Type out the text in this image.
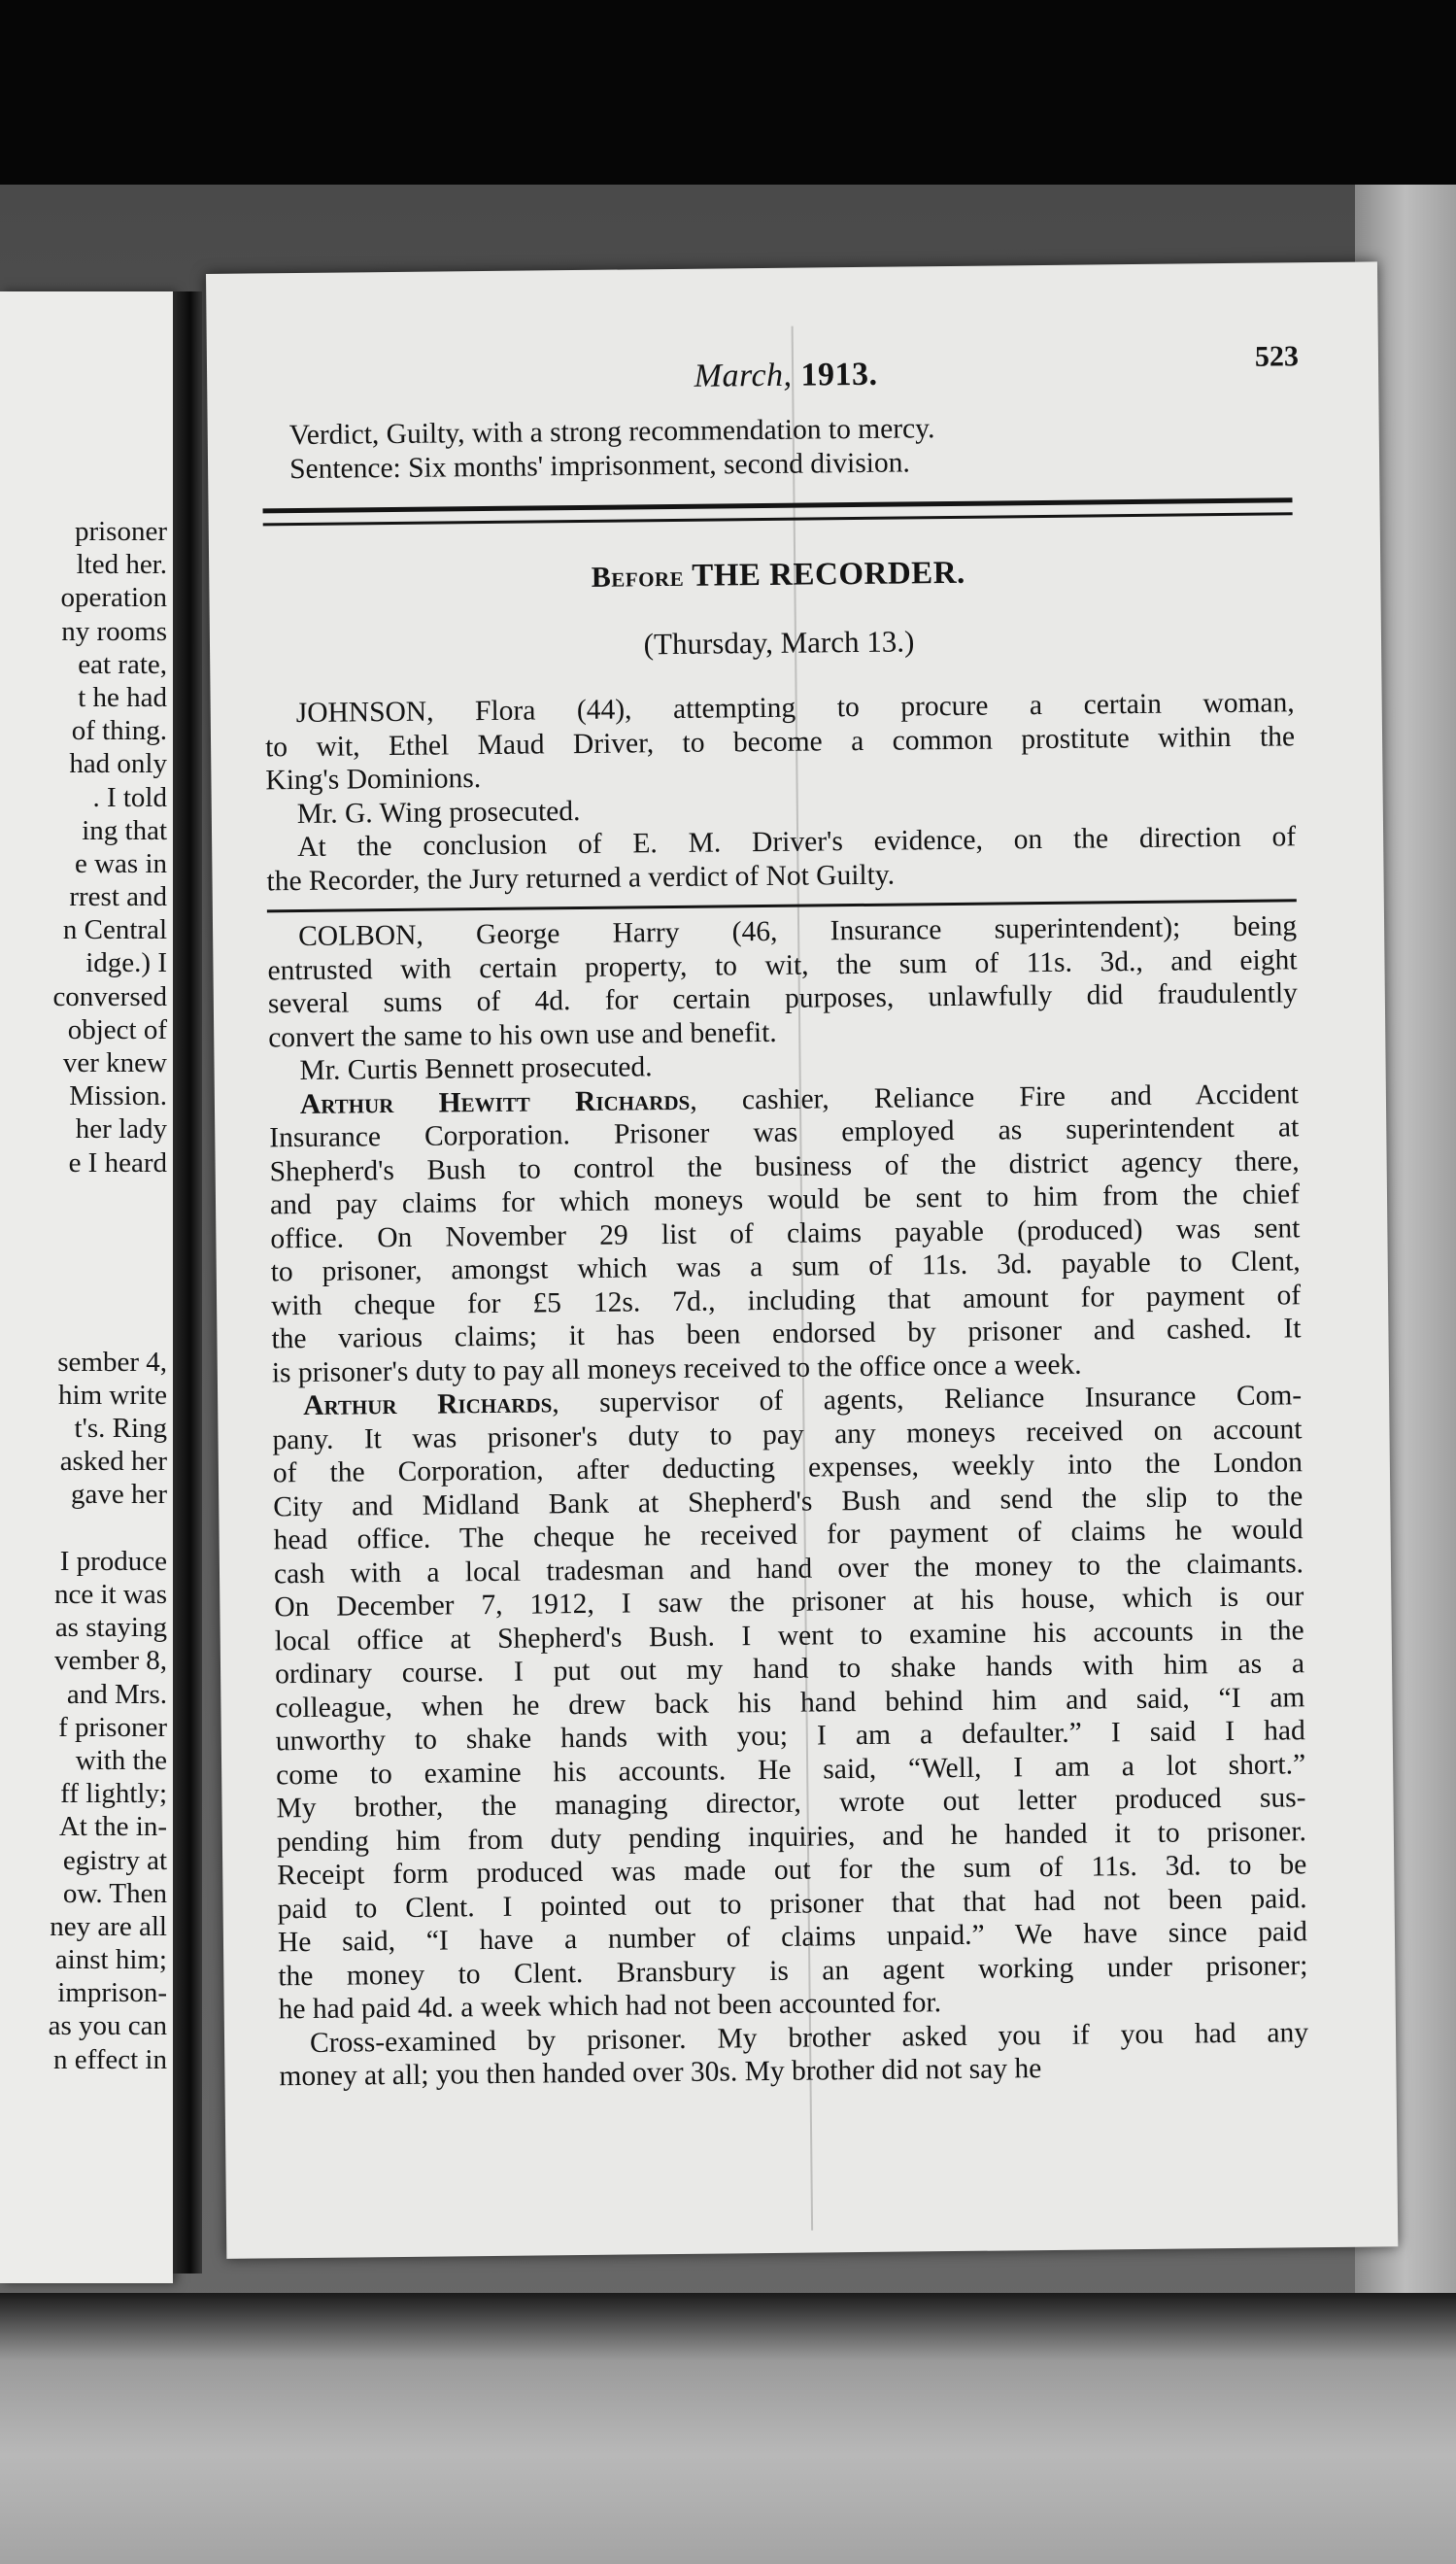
prisoner
lted her.
operation
ny rooms
eat rate,
t he had
of thing.
had only
. I told
ing that
e was in
rrest and
n Central
idge.) I
conversed
object of
ver knew
Mission.
her lady
e I heard
sember 4,
him write
t's. Ring
asked her
gave her
I produce
nce it was
as staying
vember 8,
and Mrs.
f prisoner
with the
ff lightly;
At the in-
egistry at
ow. Then
ney are all
ainst him;
imprison-
as you can
n effect in
March, 1913.	523
Verdict, Guilty, with a strong recommendation to mercy.
Sentence: Six months' imprisonment, second division.
Before THE RECORDER.
(Thursday, March 13.)
JOHNSON, Flora (44), attempting to procure a certain woman,
to wit, Ethel Maud Driver, to become a common prostitute within the
King's Dominions.
Mr. G. Wing prosecuted.
At the conclusion of E. M. Driver's evidence, on the direction of
the Recorder, the Jury returned a verdict of Not Guilty.
COLBON, George Harry (46, Insurance superintendent); being
entrusted with certain property, to wit, the sum of 11s. 3d., and eight
several sums of 4d. for certain purposes, unlawfully did fraudulently
convert the same to his own use and benefit.
Mr. Curtis Bennett prosecuted.
Arthur Hewitt Richards, cashier, Reliance Fire and Accident
Insurance Corporation. Prisoner was employed as superintendent at
Shepherd's Bush to control the business of the district agency there,
and pay claims for which moneys would be sent to him from the chief
office. On November 29 list of claims payable (produced) was sent
to prisoner, amongst which was a sum of 11s. 3d. payable to Clent,
with cheque for £5 12s. 7d., including that amount for payment of
the various claims; it has been endorsed by prisoner and cashed. It
is prisoner's duty to pay all moneys received to the office once a week.
Arthur Richards, supervisor of agents, Reliance Insurance Com-
pany. It was prisoner's duty to pay any moneys received on account
of the Corporation, after deducting expenses, weekly into the London
City and Midland Bank at Shepherd's Bush and send the slip to the
head office. The cheque he received for payment of claims he would
cash with a local tradesman and hand over the money to the claimants.
On December 7, 1912, I saw the prisoner at his house, which is our
local office at Shepherd's Bush. I went to examine his accounts in the
ordinary course. I put out my hand to shake hands with him as a
colleague, when he drew back his hand behind him and said, “I am
unworthy to shake hands with you; I am a defaulter.” I said I had
come to examine his accounts. He said, “Well, I am a lot short.”
My brother, the managing director, wrote out letter produced sus-
pending him from duty pending inquiries, and he handed it to prisoner.
Receipt form produced was made out for the sum of 11s. 3d. to be
paid to Clent. I pointed out to prisoner that that had not been paid.
He said, “I have a number of claims unpaid.” We have since paid
the money to Clent. Bransbury is an agent working under prisoner;
he had paid 4d. a week which had not been accounted for.
Cross-examined by prisoner. My brother asked you if you had any
money at all; you then handed over 30s. My brother did not say he
